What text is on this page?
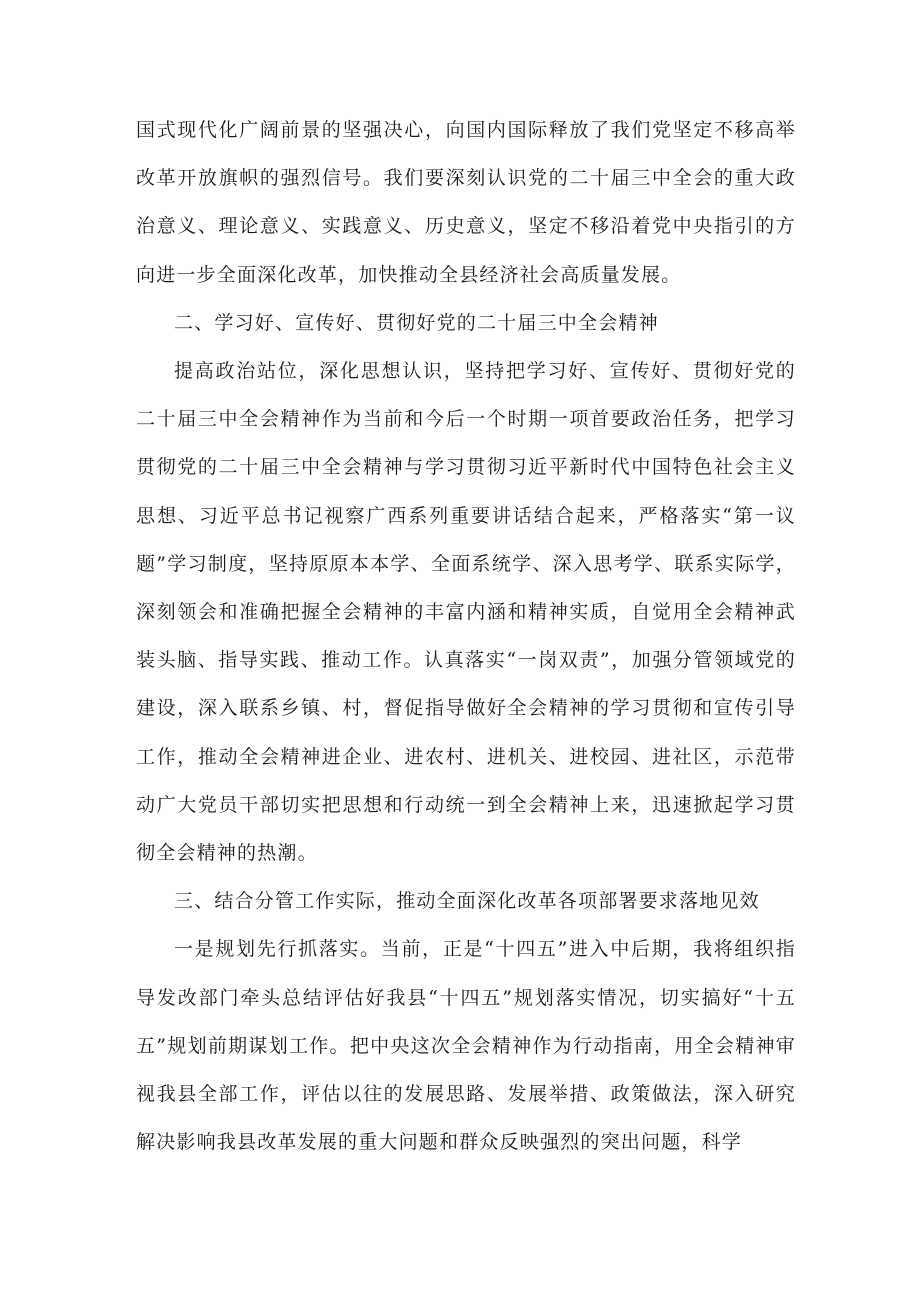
国式现代化广阔前景的坚强决心，向国内国际释放了我们党坚定不移高举改革开放旗帜的强烈信号。我们要深刻认识党的二十届三中全会的重大政治意义、理论意义、实践意义、历史意义，坚定不移沿着党中央指引的方向进一步全面深化改革，加快推动全县经济社会高质量发展。

二、学习好、宣传好、贯彻好党的二十届三中全会精神

提高政治站位，深化思想认识，坚持把学习好、宣传好、贯彻好党的二十届三中全会精神作为当前和今后一个时期一项首要政治任务，把学习贯彻党的二十届三中全会精神与学习贯彻习近平新时代中国特色社会主义思想、习近平总书记视察广西系列重要讲话结合起来，严格落实“第一议题”学习制度，坚持原原本本学、全面系统学、深入思考学、联系实际学，深刻领会和准确把握全会精神的丰富内涵和精神实质，自觉用全会精神武装头脑、指导实践、推动工作。认真落实“一岗双责”，加强分管领域党的建设，深入联系乡镇、村，督促指导做好全会精神的学习贯彻和宣传引导工作，推动全会精神进企业、进农村、进机关、进校园、进社区，示范带动广大党员干部切实把思想和行动统一到全会精神上来，迅速掀起学习贯彻全会精神的热潮。

三、结合分管工作实际，推动全面深化改革各项部署要求落地见效

一是规划先行抓落实。当前，正是“十四五”进入中后期，我将组织指导发改部门牵头总结评估好我县“十四五”规划落实情况，切实搞好“十五五”规划前期谋划工作。把中央这次全会精神作为行动指南，用全会精神审视我县全部工作，评估以往的发展思路、发展举措、政策做法，深入研究解决影响我县改革发展的重大问题和群众反映强烈的突出问题，科学
